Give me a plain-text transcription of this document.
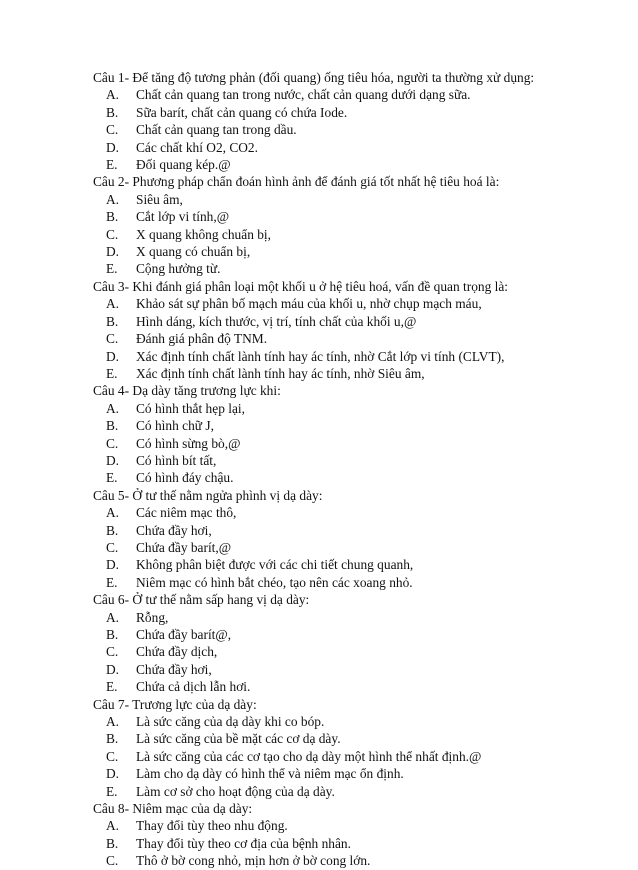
Câu 1- Để tăng độ tương phản (đối quang) ống tiêu hóa, người ta thường xử dụng:

A.	Chất cản quang tan trong nước, chất cản quang dưới dạng sữa.
B.	Sữa barít, chất cản quang có chứa Iode.
C.	Chất cản quang tan trong dầu.
D.	Các chất khí O2, CO2.
E.	Đối quang kép.@

Câu 2- Phương pháp chẩn đoán hình ảnh để đánh giá tốt nhất hệ tiêu hoá là:

A.	Siêu âm,
B.	Cắt lớp vi tính,@
C.	X quang không chuẩn bị,
D.	X quang có chuẩn bị,
E.	Cộng hưởng từ.

Câu 3- Khi đánh giá phân loại một khối u ở hệ tiêu hoá, vấn đề quan trọng là:

A.	Khảo sát sự phân bố mạch máu của khối u, nhờ chụp mạch máu,
B.	Hình dáng, kích thước, vị trí, tính chất của khối u,@
C.	Đánh giá phân độ TNM.
D.	Xác định tính chất lành tính hay ác tính, nhờ Cắt lớp vi tính (CLVT),
E.	Xác định tính chất lành tính hay ác tính, nhờ Siêu âm,

Câu 4- Dạ dày tăng trương lực khi:

A.	Có hình thắt hẹp lại,
B.	Có hình chữ J,
C.	Có hình sừng bò,@
D.	Có hình bít tất,
E.	Có hình đáy chậu.

Câu 5- Ở tư thế nằm ngửa phình vị dạ dày:

A.	Các niêm mạc thô,
B.	Chứa đầy hơi,
C.	Chứa đầy barít,@
D.	Không phân biệt được với các chi tiết chung quanh,
E.	Niêm mạc có hình bắt chéo, tạo nên các xoang nhỏ.

Câu 6- Ở tư thế nằm sấp hang vị dạ dày:

A.	Rỗng,
B.	Chứa đầy barít@,
C.	Chứa đầy dịch,
D.	Chứa đầy hơi,
E.	Chứa cả dịch lẫn hơi.

Câu 7- Trương lực của dạ dày:

A.	Là sức căng của dạ dày khi co bóp.
B.	Là sức căng của bề mặt các cơ dạ dày.
C.	Là sức căng của các cơ tạo cho dạ dày một hình thể nhất định.@
D.	Làm cho dạ dày có hình thể và niêm mạc ổn định.
E.	Làm cơ sở cho hoạt động của dạ dày.

Câu 8- Niêm mạc của dạ dày:

A.	Thay đổi tùy theo nhu động.
B.	Thay đổi tùy theo cơ địa của bệnh nhân.
C.	Thô ở bờ cong nhỏ, mịn hơn ở bờ cong lớn.
